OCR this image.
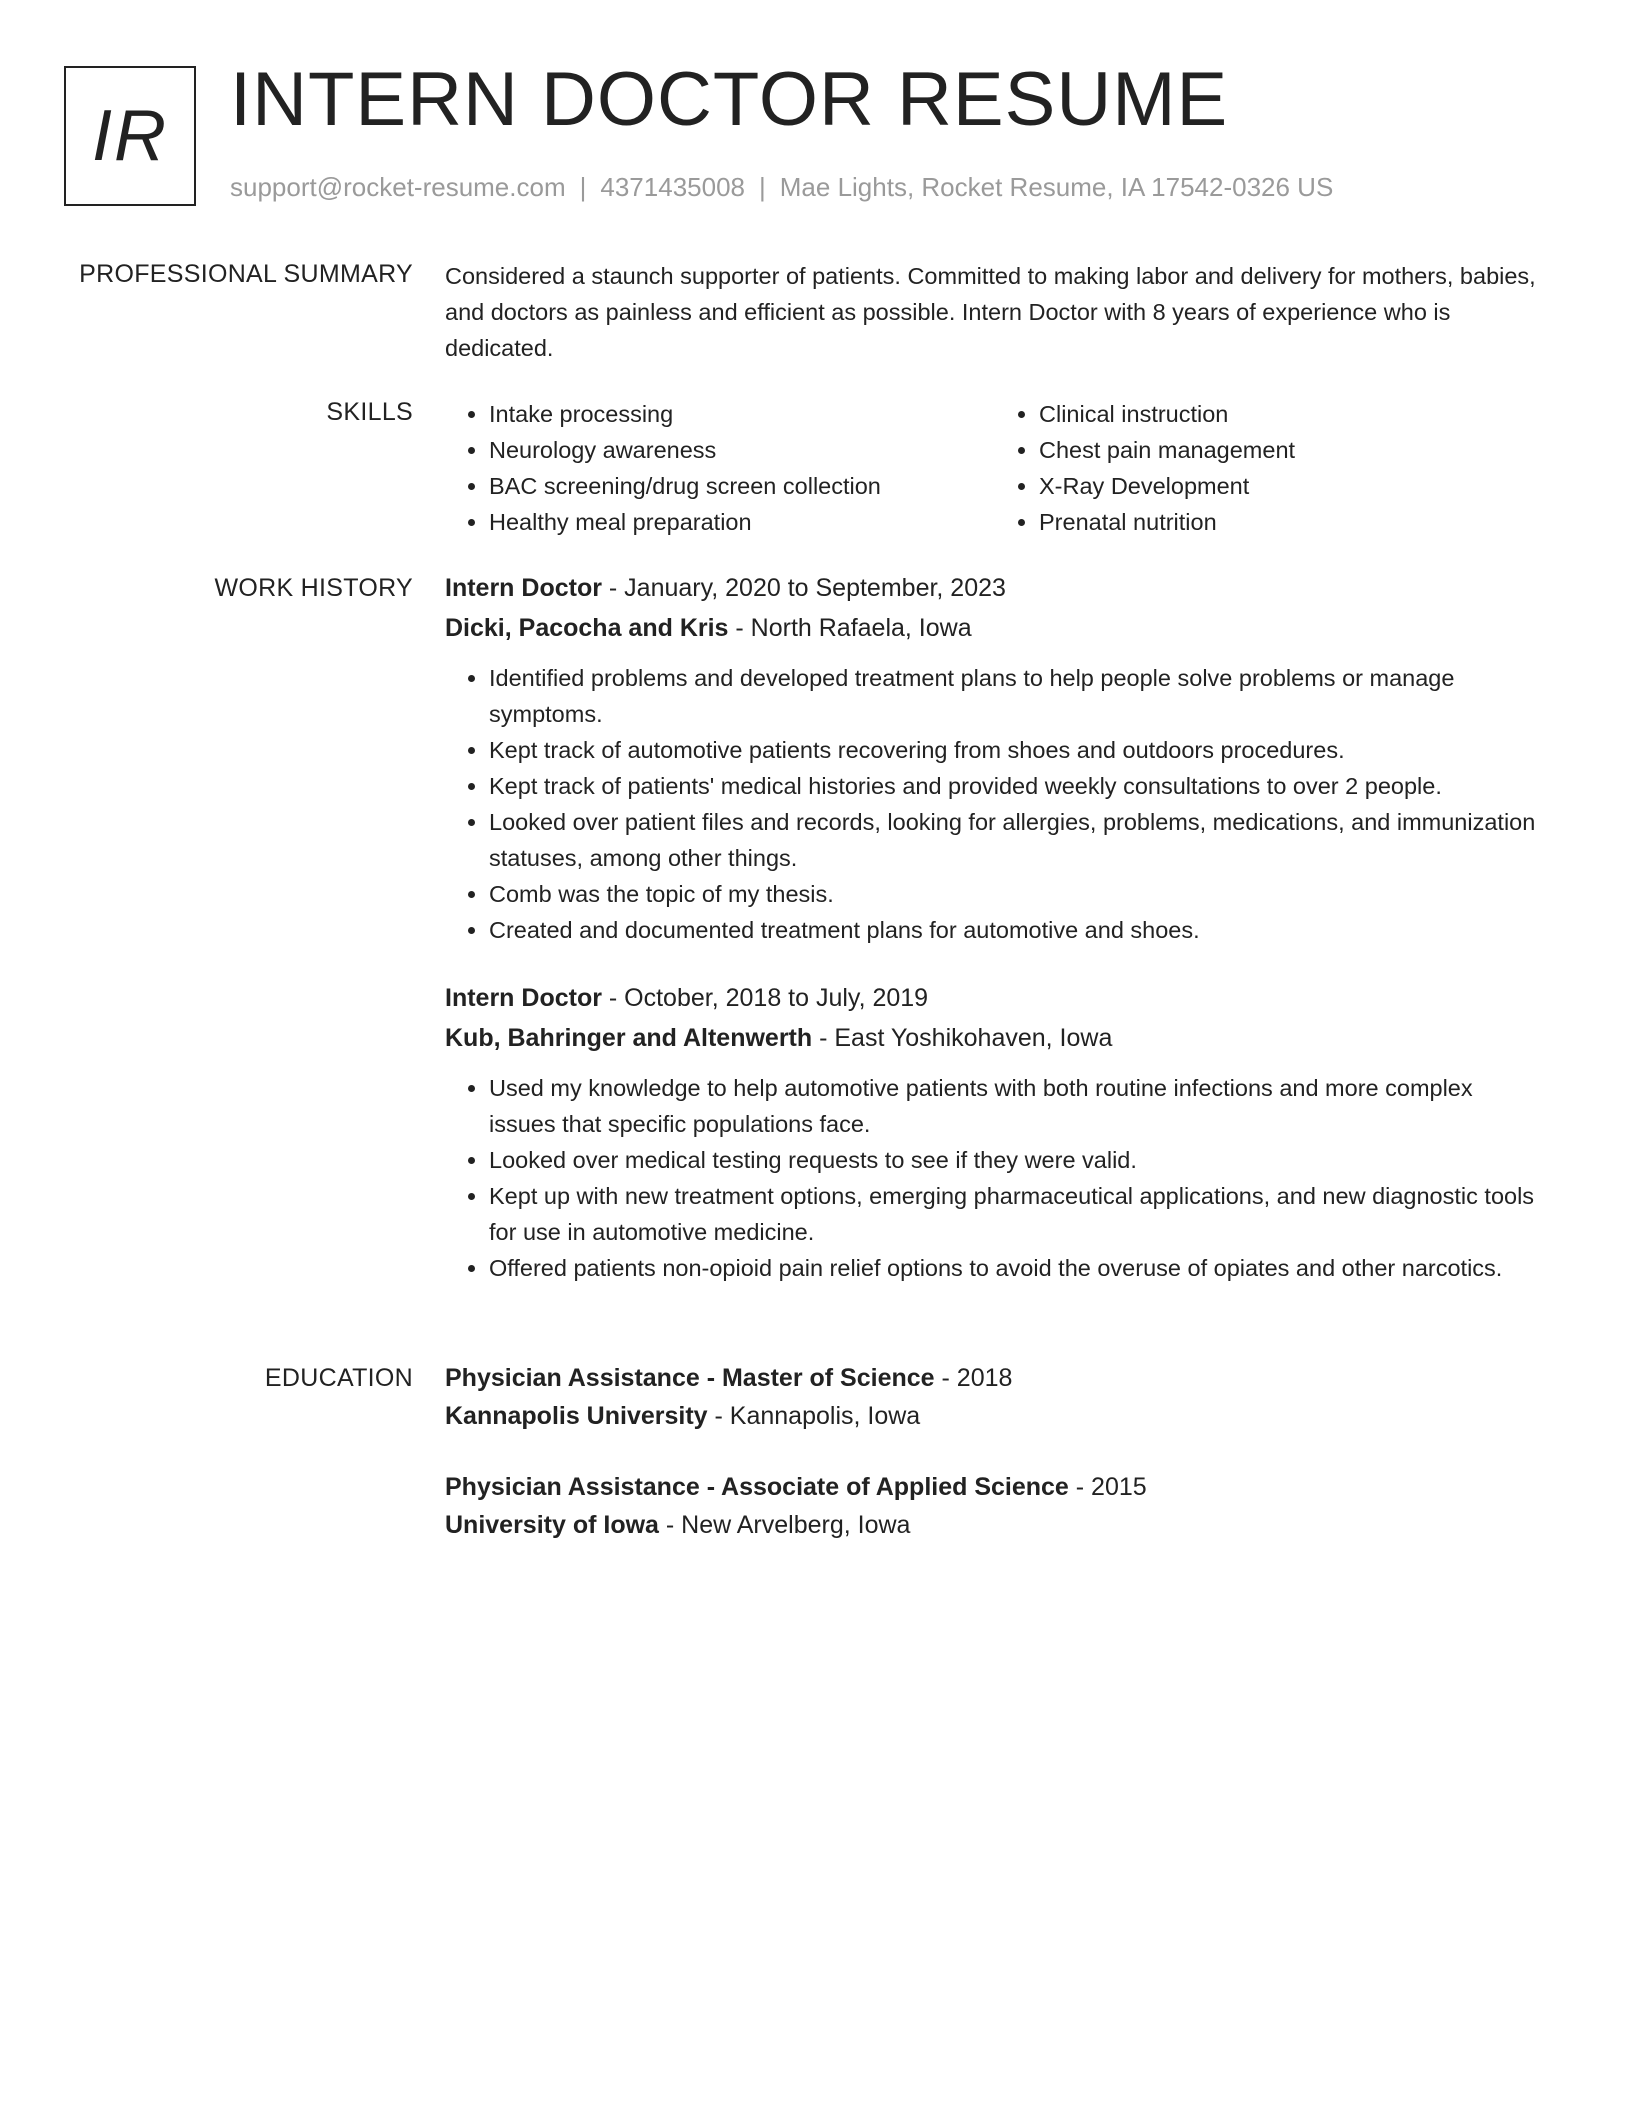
IR INTERN DOCTOR RESUME
support@rocket-resume.com | 4371435008 | Mae Lights, Rocket Resume, IA 17542-0326 US
PROFESSIONAL SUMMARY Considered a staunch supporter of patients. Committed to making labor and delivery for mothers, babies, and doctors as painless and efficient as possible. Intern Doctor with 8 years of experience who is dedicated.
SKILLS
•	Intake processing
• Neurology awareness
• BAC screening/drug screen collection
• Healthy meal preparation
• Clinical instruction
• Chest pain management
• X-Ray Development
• Prenatal nutrition
WORK HISTORY Intern Doctor - January, 2020 to September, 2023
Dicki, Pacocha and Kris - North Rafaela, Iowa
• Identified problems and developed treatment plans to help people solve problems or manage symptoms.
• Kept track of automotive patients recovering from shoes and outdoors procedures.
• Kept track of patients' medical histories and provided weekly consultations to over 2 people.
• Looked over patient files and records, looking for allergies, problems, medications, and immunization statuses, among other things.
• Comb was the topic of my thesis.
• Created and documented treatment plans for automotive and shoes.
Intern Doctor - October, 2018 to July, 2019
Kub, Bahringer and Altenwerth - East Yoshikohaven, Iowa
• Used my knowledge to help automotive patients with both routine infections and more complex issues that specific populations face.
• Looked over medical testing requests to see if they were valid.
• Kept up with new treatment options, emerging pharmaceutical applications, and new diagnostic tools for use in automotive medicine.
• Offered patients non-opioid pain relief options to avoid the overuse of opiates and other narcotics.
EDUCATION Physician Assistance - Master of Science - 2018
Kannapolis University - Kannapolis, Iowa
Physician Assistance - Associate of Applied Science - 2015
University of Iowa - New Arvelberg, Iowa
